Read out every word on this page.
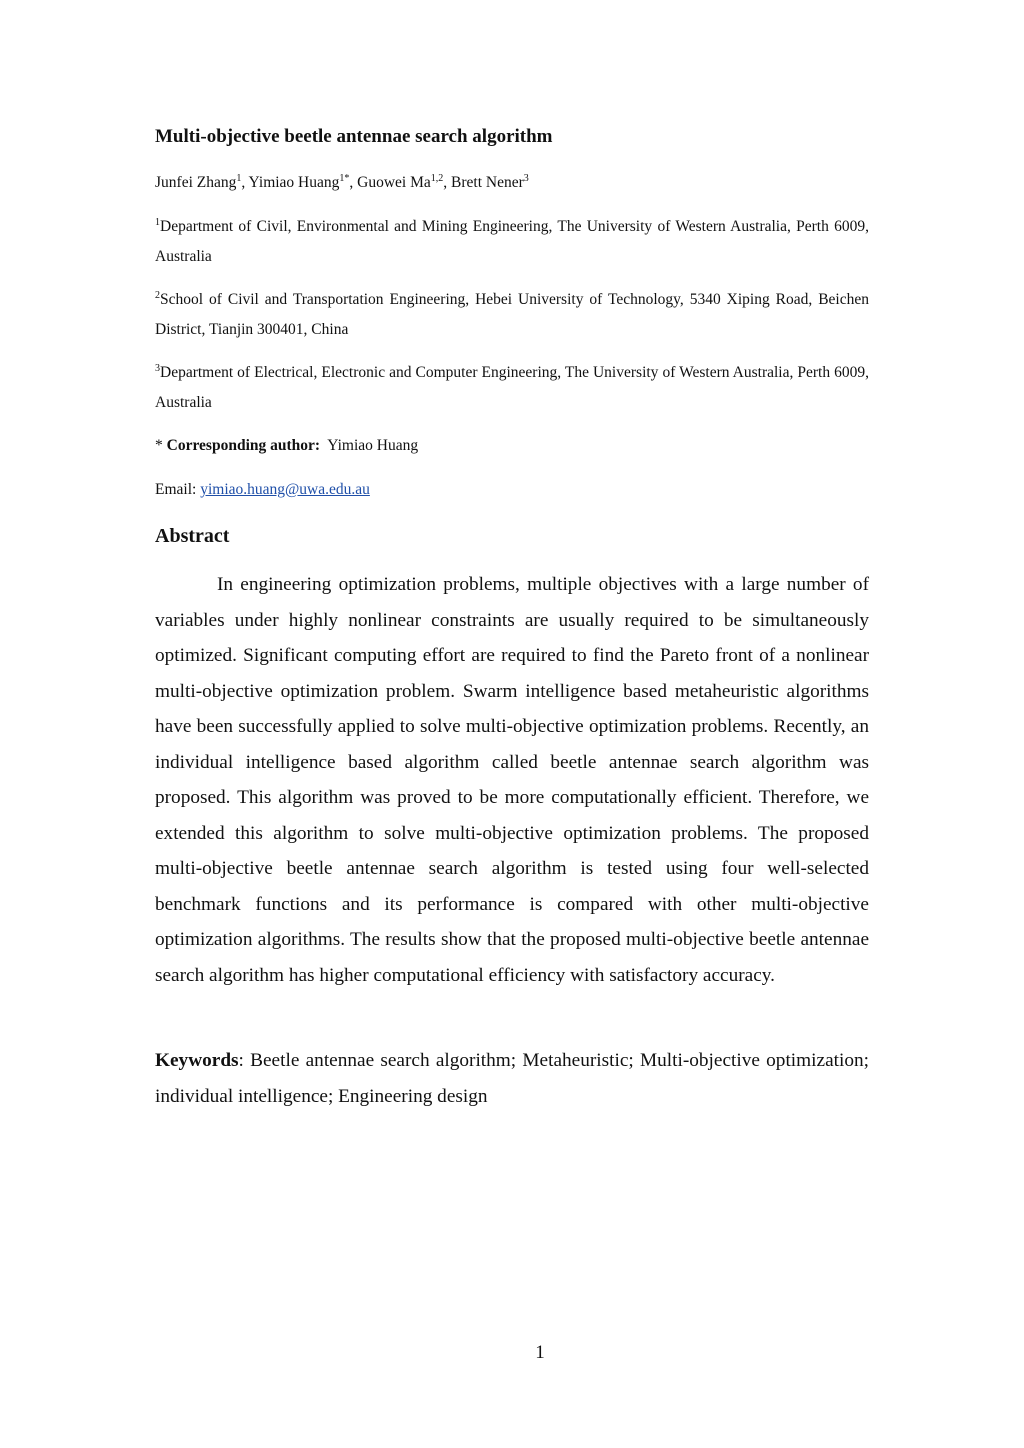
Multi-objective beetle antennae search algorithm

Junfei Zhang$^1$, Yimiao Huang$^{1*}$, Guowei Ma$^{1,2}$, Brett Nener$^3$

$^1$Department of Civil, Environmental and Mining Engineering, The University of Western Australia, Perth 6009, Australia

$^2$School of Civil and Transportation Engineering, Hebei University of Technology, 5340 Xiping Road, Beichen District, Tianjin 300401, China

$^3$Department of Electrical, Electronic and Computer Engineering, The University of Western Australia, Perth 6009, Australia

* Corresponding author: Yimiao Huang

Email: yimiao.huang@uwa.edu.au

Abstract

In engineering optimization problems, multiple objectives with a large number of variables under highly nonlinear constraints are usually required to be simultaneously optimized. Significant computing effort are required to find the Pareto front of a nonlinear multi-objective optimization problem. Swarm intelligence based metaheuristic algorithms have been successfully applied to solve multi-objective optimization problems. Recently, an individual intelligence based algorithm called beetle antennae search algorithm was proposed. This algorithm was proved to be more computationally efficient. Therefore, we extended this algorithm to solve multi-objective optimization problems. The proposed multi-objective beetle antennae search algorithm is tested using four well-selected benchmark functions and its performance is compared with other multi-objective optimization algorithms. The results show that the proposed multi-objective beetle antennae search algorithm has higher computational efficiency with satisfactory accuracy.

Keywords: Beetle antennae search algorithm; Metaheuristic; Multi-objective optimization; individual intelligence; Engineering design

1
